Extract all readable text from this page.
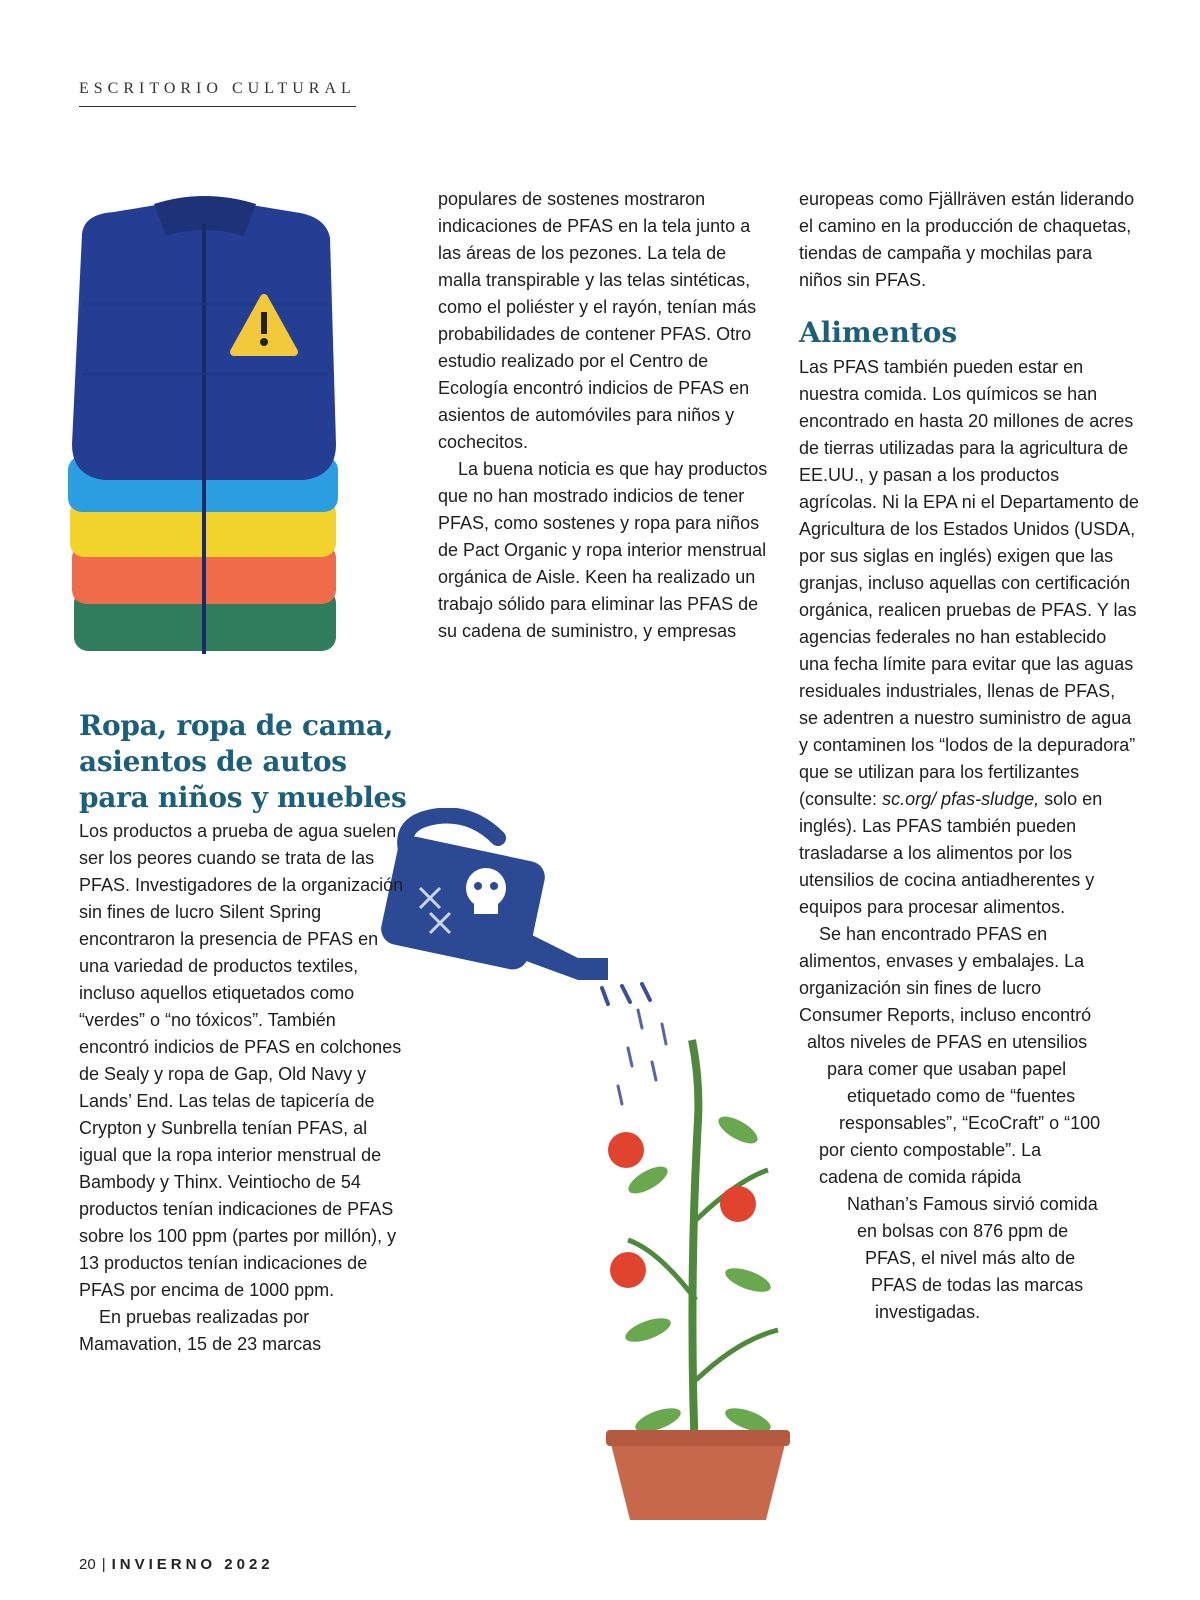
ESCRITORIO CULTURAL
Ropa, ropa de cama, asientos de autos para niños y muebles

Los productos a prueba de agua suelen ser los peores cuando se trata de las PFAS. Investigadores de la organización sin fines de lucro Silent Spring encontraron la presencia de PFAS en una variedad de productos textiles, incluso aquellos etiquetados como “verdes” o “no tóxicos”. También encontró indicios de PFAS en colchones de Sealy y ropa de Gap, Old Navy y Lands’ End. Las telas de tapicería de Crypton y Sunbrella tenían PFAS, al igual que la ropa interior menstrual de Bambody y Thinx. Veintiocho de 54 productos tenían indicaciones de PFAS sobre los 100 ppm (partes por millón), y 13 productos tenían indicaciones de PFAS por encima de 1000 ppm.

En pruebas realizadas por Mamavation, 15 de 23 marcas

populares de sostenes mostraron indicaciones de PFAS en la tela junto a las áreas de los pezones. La tela de malla transpirable y las telas sintéticas, como el poliéster y el rayón, tenían más probabilidades de contener PFAS. Otro estudio realizado por el Centro de Ecología encontró indicios de PFAS en asientos de automóviles para niños y cochecitos.

La buena noticia es que hay productos que no han mostrado indicios de tener PFAS, como sostenes y ropa para niños de Pact Organic y ropa interior menstrual orgánica de Aisle. Keen ha realizado un trabajo sólido para eliminar las PFAS de su cadena de suministro, y empresas

europeas como Fjällräven están liderando el camino en la producción de chaquetas, tiendas de campaña y mochilas para niños sin PFAS.

Alimentos

Las PFAS también pueden estar en nuestra comida. Los químicos se han encontrado en hasta 20 millones de acres de tierras utilizadas para la agricultura de EE.UU., y pasan a los productos agrícolas. Ni la EPA ni el Departamento de Agricultura de los Estados Unidos (USDA, por sus siglas en inglés) exigen que las granjas, incluso aquellas con certificación orgánica, realicen pruebas de PFAS. Y las agencias federales no han establecido una fecha límite para evitar que las aguas residuales industriales, llenas de PFAS, se adentren a nuestro suministro de agua y contaminen los “lodos de la depuradora” que se utilizan para los fertilizantes (consulte: sc.org/ pfas-sludge, solo en inglés). Las PFAS también pueden trasladarse a los alimentos por los utensilios de cocina antiadherentes y equipos para procesar alimentos.

Se han encontrado PFAS en
alimentos, envases y embalajes. La
organización sin fines de lucro
Consumer Reports, incluso encontró
altos niveles de PFAS en utensilios
para comer que usaban papel
etiquetado como de “fuentes
responsables”, “EcoCraft” o “100
por ciento compostable”. La
cadena de comida rápida
Nathan’s Famous sirvió comida
en bolsas con 876 ppm de
PFAS, el nivel más alto de
PFAS de todas las marcas
investigadas.

20 | INVIERNO 2022
